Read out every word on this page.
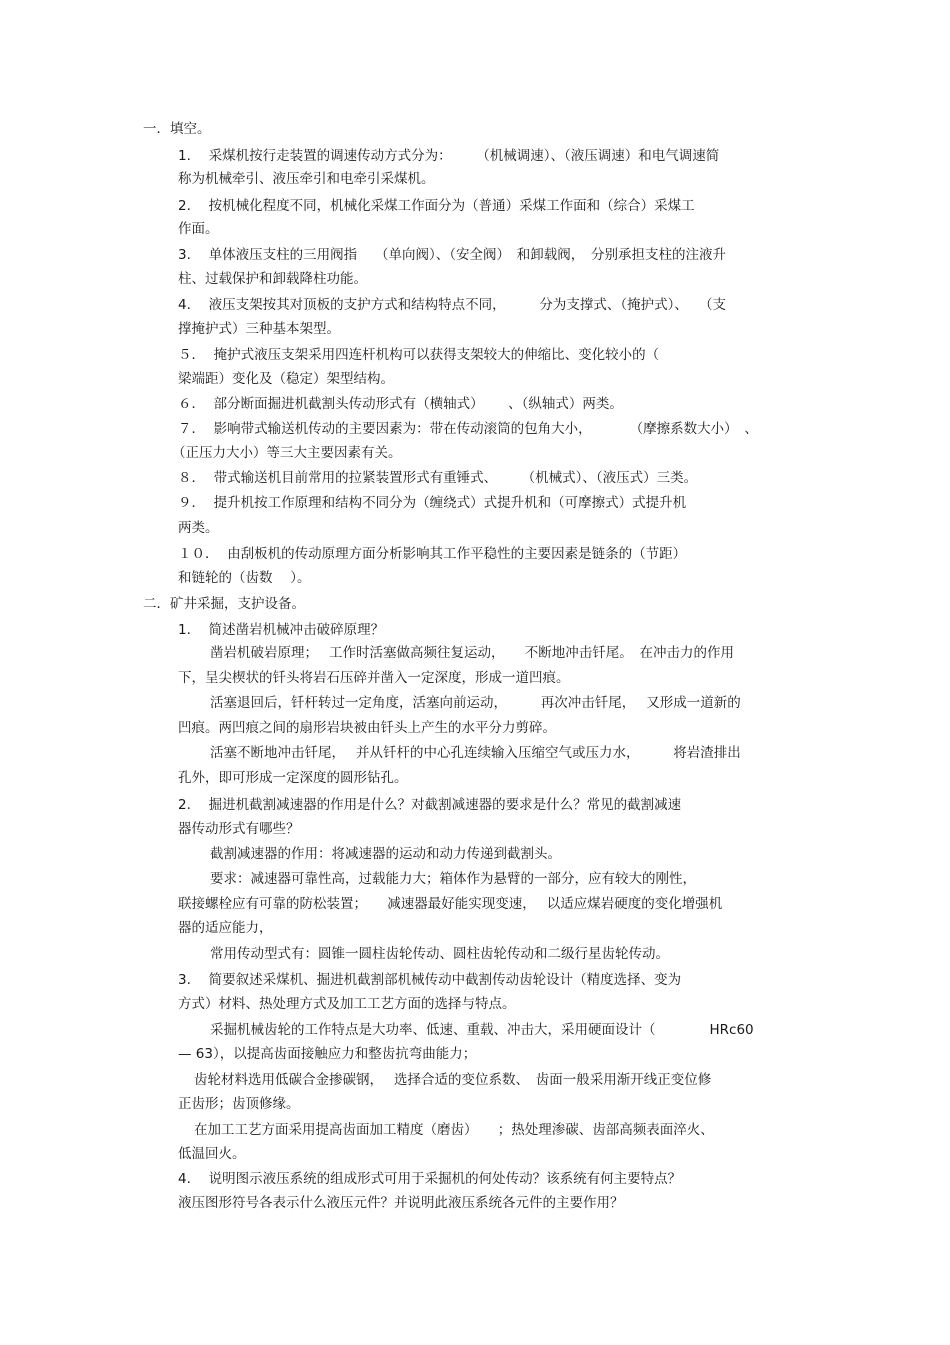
一．填空。
1.　 采煤机按行走装置的调速传动方式分为：　　 （机械调速）、（液压调速）和电气调速简
称为机械牵引、液压牵引和电牵引采煤机。
2.　 按机械化程度不同，机械化采煤工作面分为（普通）采煤工作面和（综合）采煤工
作面。
3.　 单体液压支柱的三用阀指　 （单向阀）、（安全阀）　和卸载阀，　分别承担支柱的注液升
柱、过载保护和卸载降柱功能。
4.　 液压支架按其对顶板的支护方式和结构特点不同，　　　分为支撑式、（掩护式）、　 （支
撑掩护式）三种基本架型。
５．  掩护式液压支架采用四连杆机构可以获得支架较大的伸缩比、变化较小的（
梁端距）变化及（稳定）架型结构。
６．  部分断面掘进机截割头传动形式有（横轴式）　　 、（纵轴式）两类。
７．  影响带式输送机传动的主要因素为：带在传动滚筒的包角大小，　　　 （摩擦系数大小）　、
（正压力大小）等三大主要因素有关。
８．  带式输送机目前常用的拉紧装置形式有重锤式、　　 （机械式）、（液压式）三类。
９．  提升机按工作原理和结构不同分为（缠绕式）式提升机和（可摩擦式）式提升机
两类。
１０．  由刮板机的传动原理方面分析影响其工作平稳性的主要因素是链条的（节距）
和链轮的（齿数　 ）。
二．矿井采掘，支护设备。
1.　 简述凿岩机械冲击破碎原理？
凿岩机破岩原理；　 工作时活塞做高频往复运动，　　不断地冲击钎尾。　在冲击力的作用
下，呈尖楔状的钎头将岩石压碎并凿入一定深度，形成一道凹痕。
活塞退回后，钎杆转过一定角度，活塞向前运动，　　　再次冲击钎尾，　 又形成一道新的
凹痕。两凹痕之间的扇形岩块被由钎头上产生的水平分力剪碎。
活塞不断地冲击钎尾，　 并从钎杆的中心孔连续输入压缩空气或压力水，　　　将岩渣排出
孔外，即可形成一定深度的圆形钻孔。
2.　 掘进机截割减速器的作用是什么？对截割减速器的要求是什么？常见的截割减速
器传动形式有哪些？
截割减速器的作用：将减速器的运动和动力传递到截割头。
要求：减速器可靠性高，过载能力大；箱体作为悬臂的一部分，应有较大的刚性，
联接螺栓应有可靠的防松装置；　　减速器最好能实现变速，　 以适应煤岩硬度的变化增强机
器的适应能力，
常用传动型式有：圆锥一圆柱齿轮传动、圆柱齿轮传动和二级行星齿轮传动。
3.　 简要叙述采煤机、掘进机截割部机械传动中截割传动齿轮设计（精度选择、变为
方式）材料、热处理方式及加工工艺方面的选择与特点。
采掘机械齿轮的工作特点是大功率、低速、重载、冲击大，采用硬面设计（　　　　HRc60
— 63），以提高齿面接触应力和整齿抗弯曲能力；
齿轮材料选用低碳合金掺碳钢，　 选择合适的变位系数、　齿面一般采用渐开线正变位修
正齿形；齿顶修缘。
在加工工艺方面采用提高齿面加工精度（磨齿）　　；热处理渗碳、齿部高频表面淬火、
低温回火。
4.　 说明图示液压系统的组成形式可用于采掘机的何处传动？该系统有何主要特点？
液压图形符号各表示什么液压元件？并说明此液压系统各元件的主要作用？
